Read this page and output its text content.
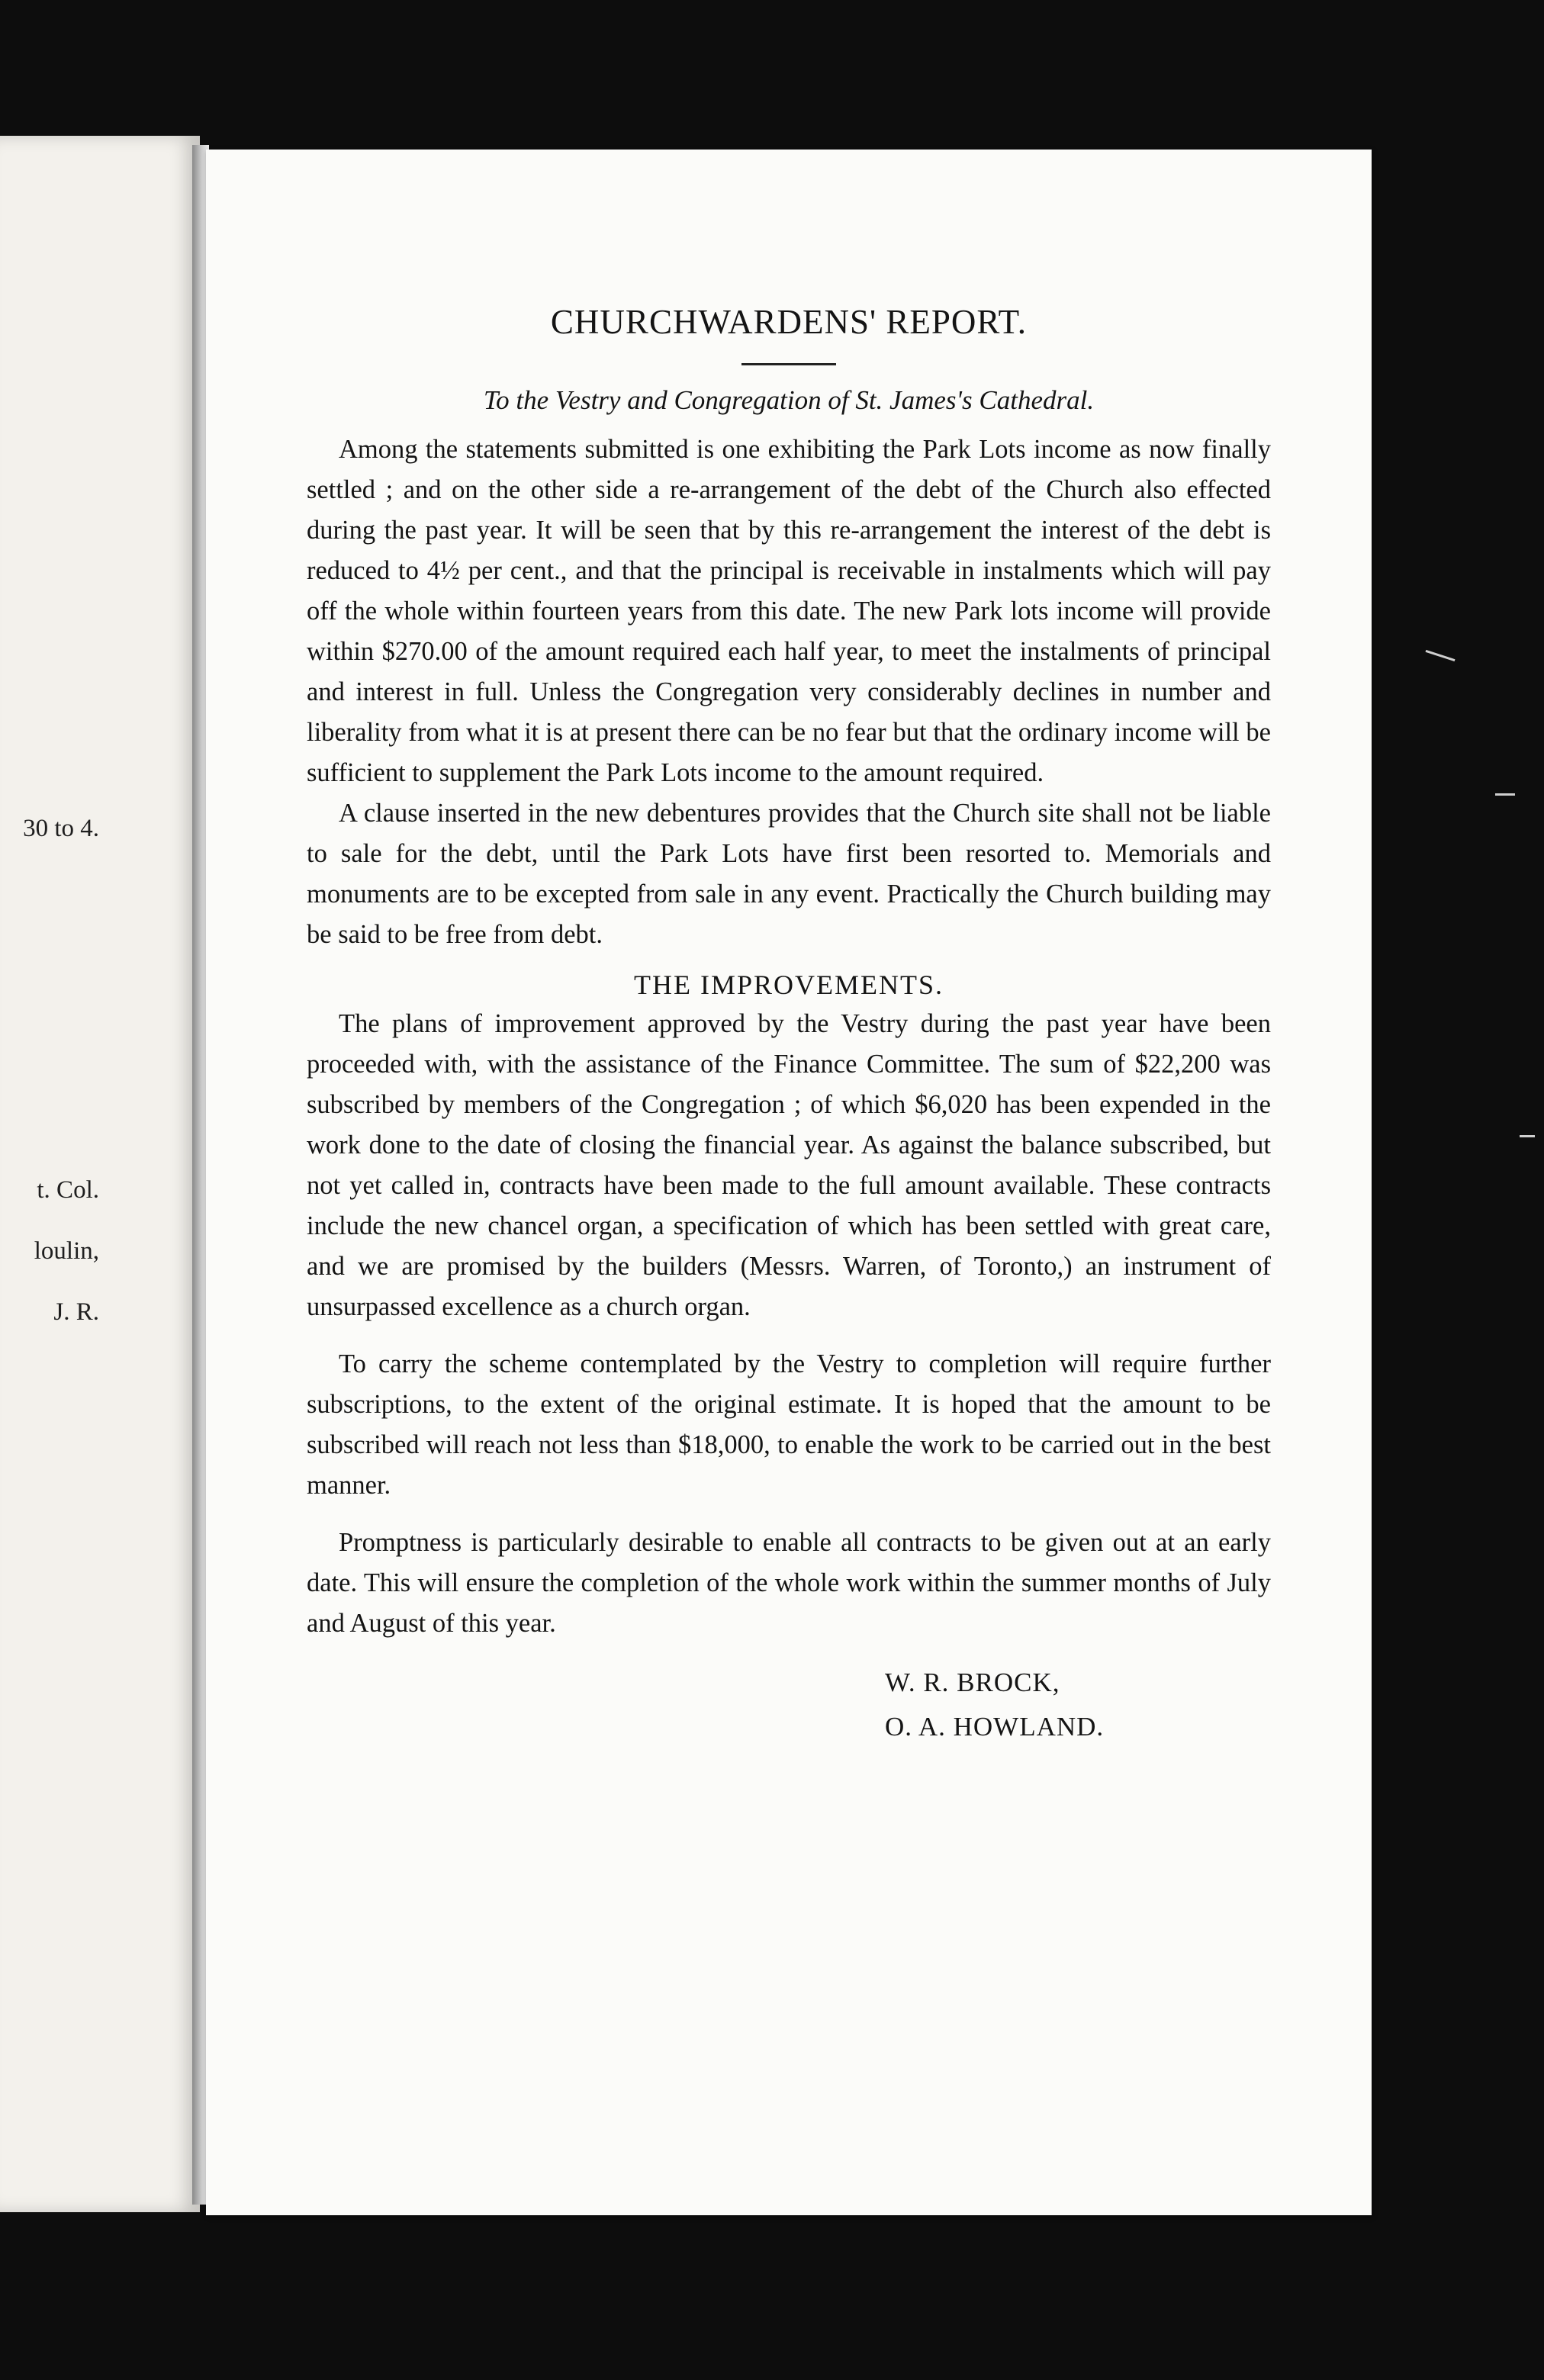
30 to 4.
t. Col.
loulin,
J. R.
CHURCHWARDENS' REPORT.

To the Vestry and Congregation of St. James's Cathedral.

Among the statements submitted is one exhibiting the Park Lots income as now finally settled ; and on the other side a re-arrangement of the debt of the Church also effected during the past year. It will be seen that by this re-arrangement the interest of the debt is reduced to 4½ per cent., and that the principal is receivable in instalments which will pay off the whole within fourteen years from this date. The new Park lots income will provide within $270.00 of the amount required each half year, to meet the instalments of principal and interest in full. Unless the Congregation very considerably declines in number and liberality from what it is at present there can be no fear but that the ordinary income will be sufficient to supplement the Park Lots income to the amount required.

A clause inserted in the new debentures provides that the Church site shall not be liable to sale for the debt, until the Park Lots have first been resorted to. Memorials and monuments are to be excepted from sale in any event. Practically the Church building may be said to be free from debt.

THE IMPROVEMENTS.

The plans of improvement approved by the Vestry during the past year have been proceeded with, with the assistance of the Finance Committee. The sum of $22,200 was subscribed by members of the Congregation ; of which $6,020 has been expended in the work done to the date of closing the financial year. As against the balance subscribed, but not yet called in, contracts have been made to the full amount available. These contracts include the new chancel organ, a specification of which has been settled with great care, and we are promised by the builders (Messrs. Warren, of Toronto,) an instrument of unsurpassed excellence as a church organ.

To carry the scheme contemplated by the Vestry to completion will require further subscriptions, to the extent of the original estimate. It is hoped that the amount to be subscribed will reach not less than $18,000, to enable the work to be carried out in the best manner.

Promptness is particularly desirable to enable all contracts to be given out at an early date. This will ensure the completion of the whole work within the summer months of July and August of this year.

W. R. BROCK,
O. A. HOWLAND.
